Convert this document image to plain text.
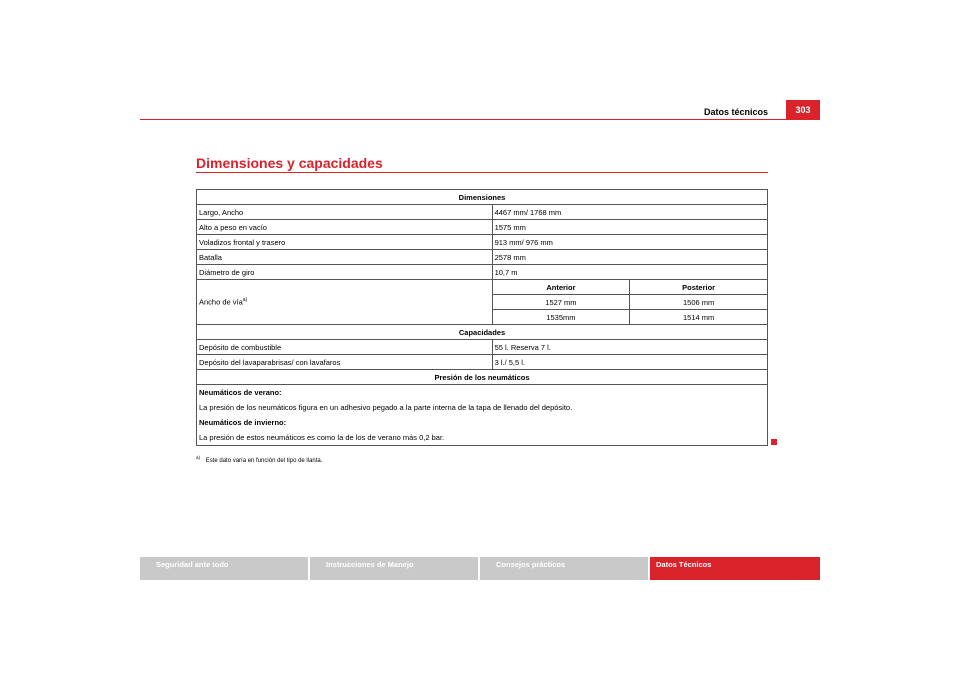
Datos técnicos	303
Dimensiones y capacidades
Dimensiones		
Largo, Ancho	4467 mm/ 1768 mm	
Alto a peso en vacío	1575 mm	
Voladizos frontal y trasero	913 mm/ 976 mm	
Batalla	2578 mm	
Diámetro de giro	10,7 m	
Ancho de vía$^{a)}$	Anterior	Posterior
	1527 mm	1506 mm
	1535mm	1514 mm
Capacidades		
Depósito de combustible	55 l. Reserva 7 l.	
Depósito del lavaparabrisas/ con lavafaros	3 l./ 5,5 l.	
Presión de los neumáticos		

Neumáticos de verano:
La presión de los neumáticos figura en un adhesivo pegado a la parte interna de la tapa de llenado del depósito.
Neumáticos de invierno:
La presión de estos neumáticos es como la de los de verano más 0,2 bar.		
$^{a)}$ Este dato varía en función del tipo de llanta.
Seguridad ante todo	Instrucciones de Manejo	Consejos prácticos	Datos Técnicos
